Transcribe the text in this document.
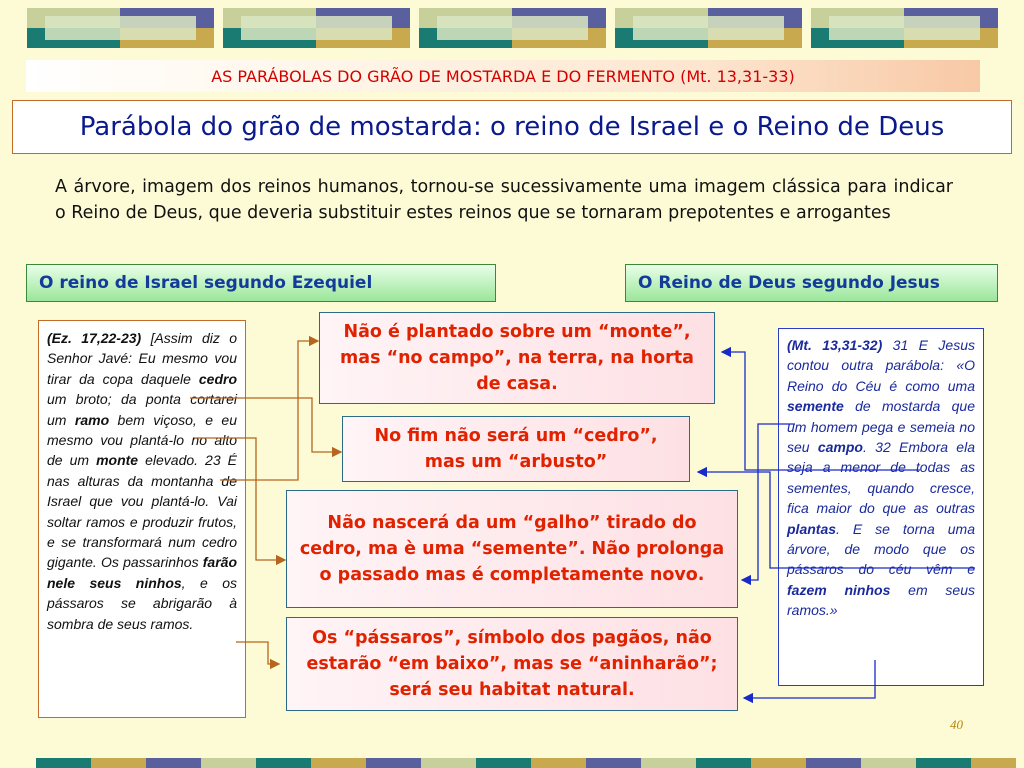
AS PARÁBOLAS DO GRÃO DE MOSTARDA E DO FERMENTO (Mt. 13,31-33)
Parábola do grão de mostarda: o reino de Israel e o Reino de Deus

A árvore, imagem dos reinos humanos, tornou-se sucessivamente uma imagem clássica para indicar o Reino de Deus, que deveria substituir estes reinos que se tornaram prepotentes e arrogantes

O reino de Israel segundo Ezequiel	O Reino de Deus segundo Jesus
(Ez. 17,22-23) [Assim diz o Senhor Javé: Eu mesmo vou tirar da copa daquele cedro um broto; da ponta cortarei um ramo bem viçoso, e eu mesmo vou plantá-lo no alto de um monte elevado. 23 É nas alturas da montanha de Israel que vou plantá-lo. Vai soltar ramos e produzir frutos, e se transformará num cedro gigante. Os passarinhos farão nele seus ninhos, e os pássaros se abrigarão à sombra de seus ramos.
(Mt. 13,31-32) 31 E Jesus contou outra parábola: «O Reino do Céu é como uma semente de mostarda que um homem pega e semeia no seu campo. 32 Embora ela seja a menor de todas as sementes, quando cresce, fica maior do que as outras plantas. E se torna uma árvore, de modo que os pássaros do céu vêm e fazem ninhos em seus ramos.»
Não é plantado sobre um “monte”, mas “no campo”, na terra, na horta de casa.
No fim não será um “cedro”, mas um “arbusto”
Não nascerá da um “galho” tirado do cedro, ma è uma “semente”. Não prolonga o passado mas é completamente novo.
Os “pássaros”, símbolo dos pagãos, não estarão “em baixo”, mas se “aninharão”; será seu habitat natural.
40
